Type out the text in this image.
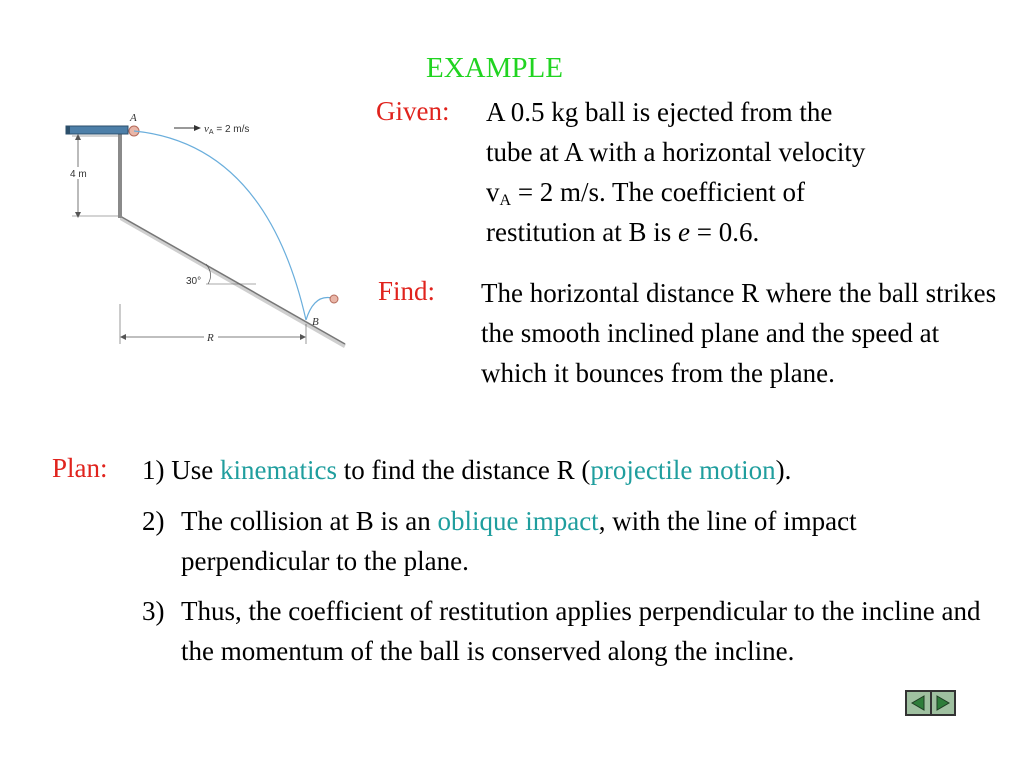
EXAMPLE
A
$v_A = 2$ m/s
4 m
30°
B
R
Given: A 0.5 kg ball is ejected from the
tube at A with a horizontal velocity
$v_A = 2$ m/s. The coefficient of
restitution at B is e = 0.6.
Find: The horizontal distance R where the ball strikes the smooth inclined plane and the speed at which it bounces from the plane.
Plan: 1) Use kinematics to find the distance R (projectile motion).
2) The collision at B is an oblique impact, with the line of impact perpendicular to the plane.
3) Thus, the coefficient of restitution applies perpendicular to the incline and the momentum of the ball is conserved along the incline.
